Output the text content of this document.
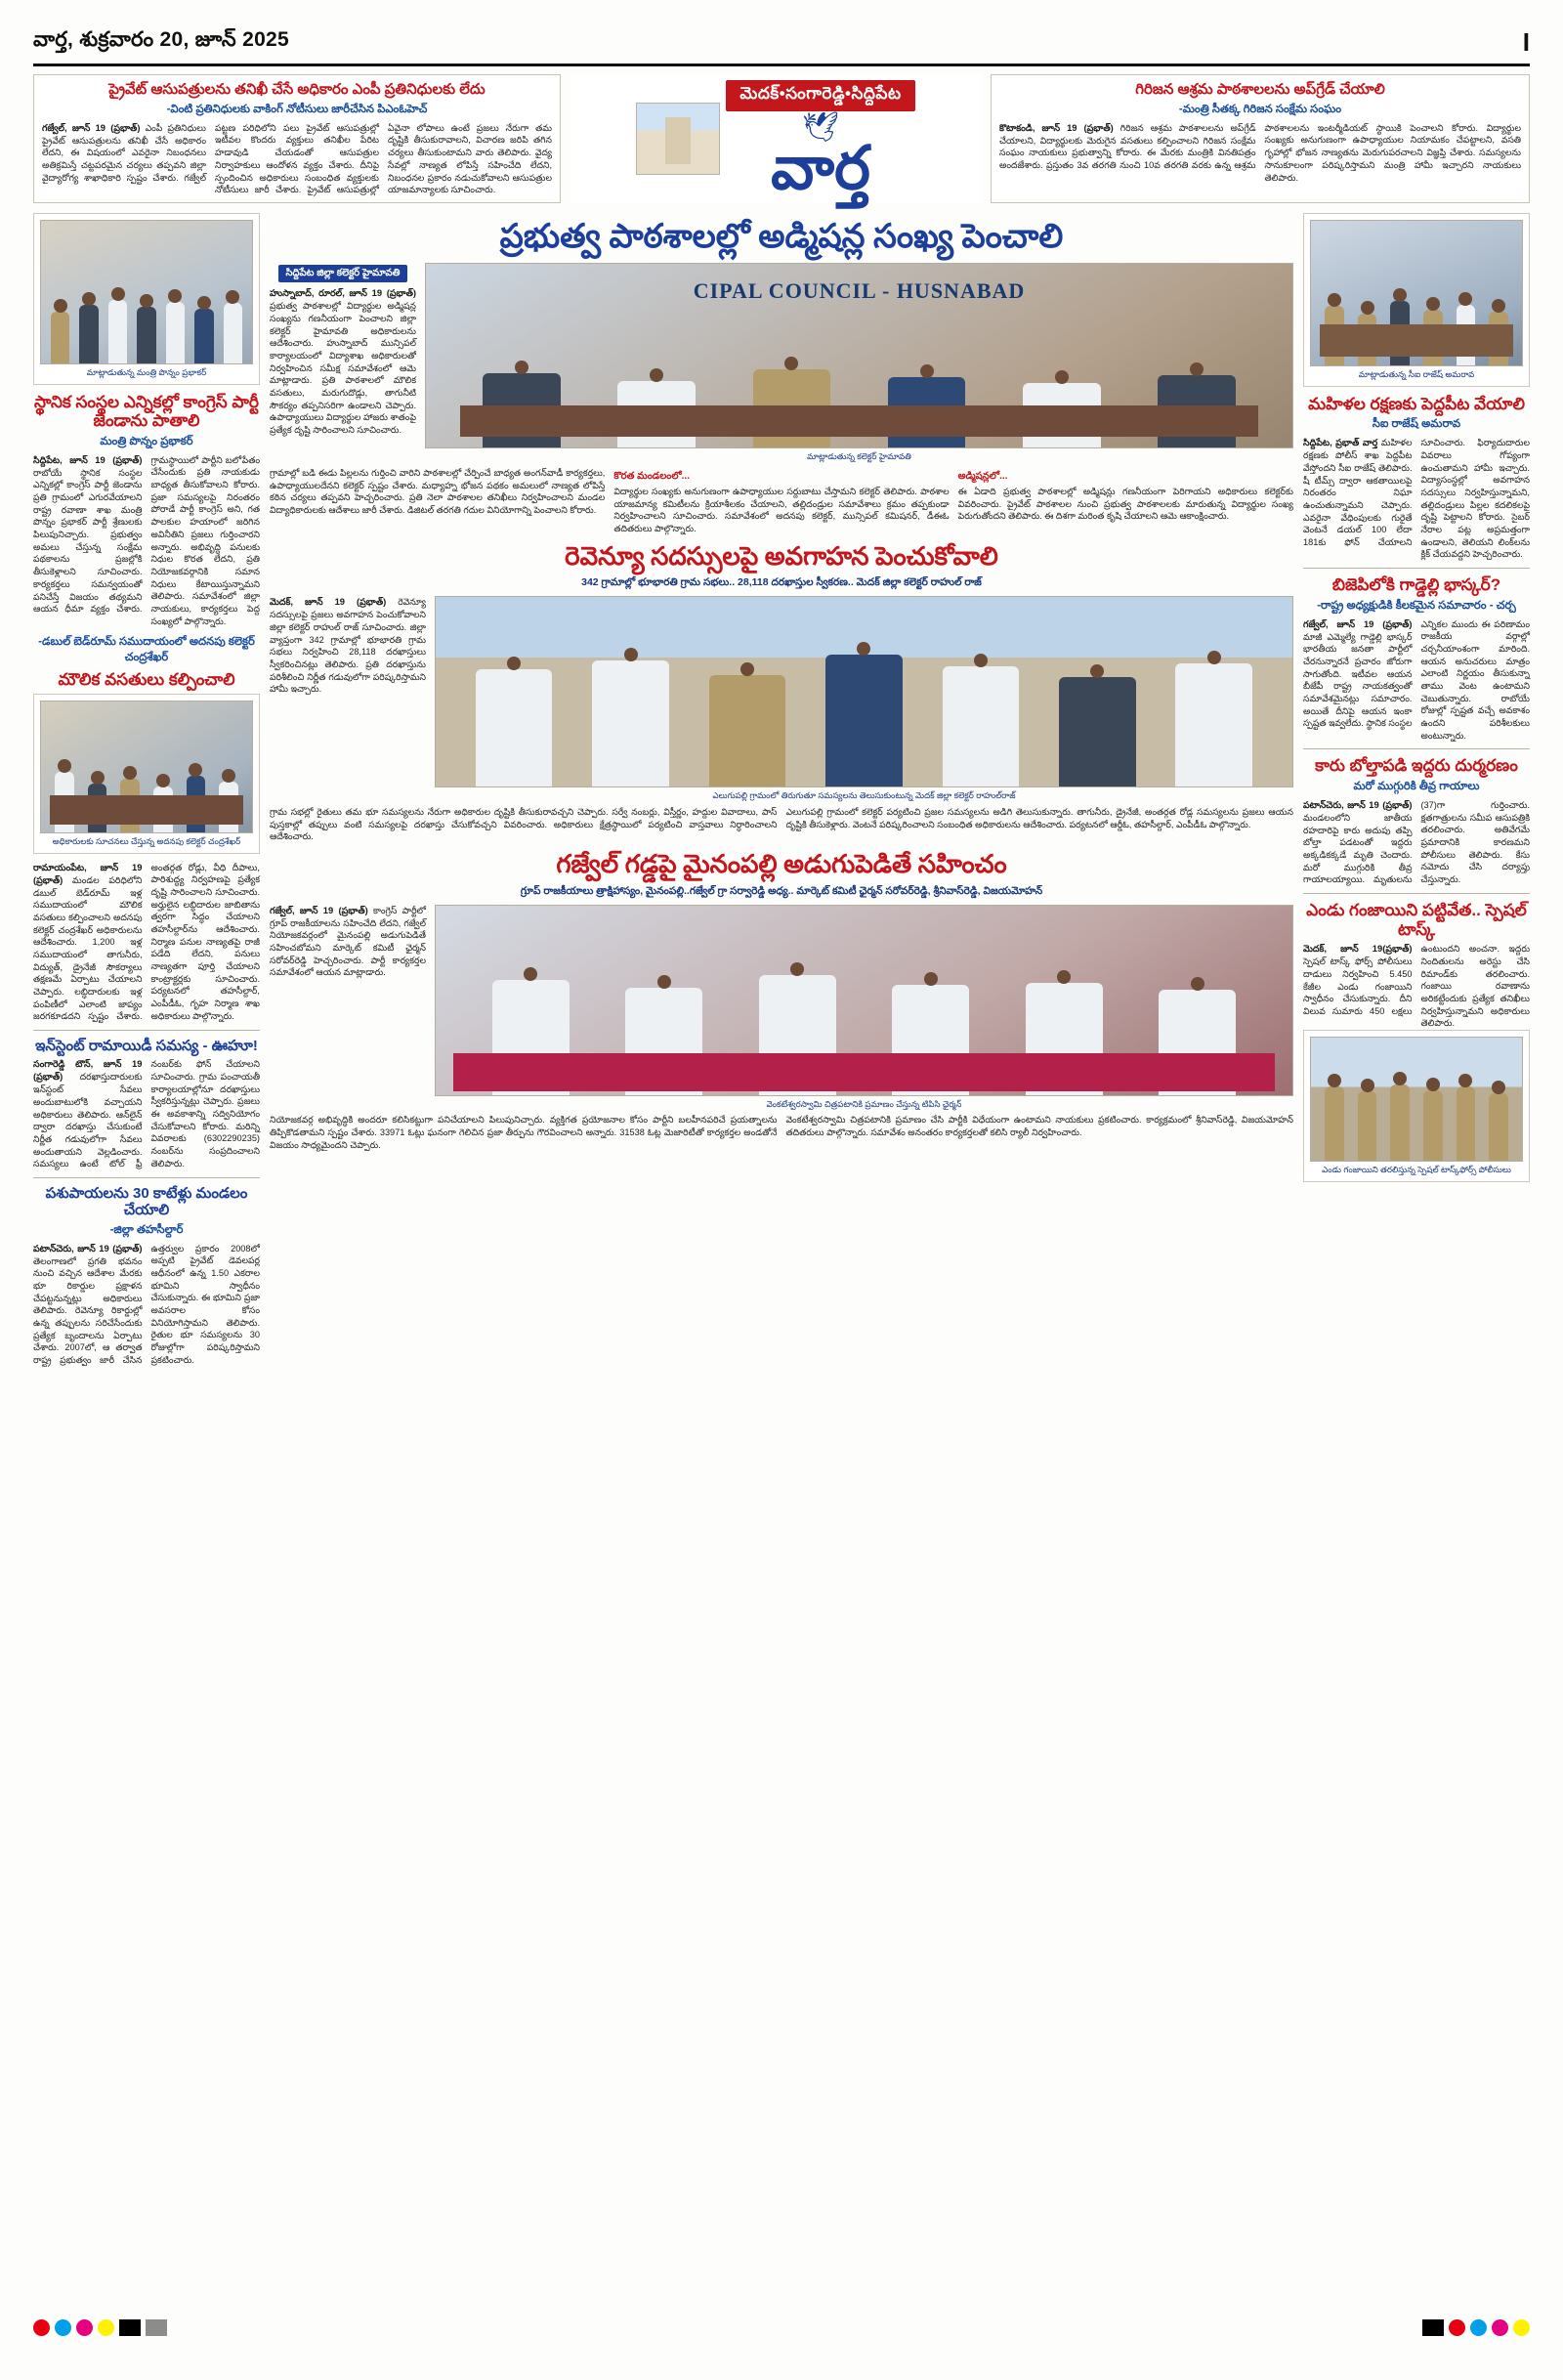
వార్త, శుక్రవారం 20, జూన్ 2025	I
ప్రైవేట్ ఆసుపత్రులను తనిఖీ చేసే అధికారం ఎంపీ ప్రతినిధులకు లేదు
-వింటి ప్రతినిధులకు వాకింగ్ నోటీసులు జారీచేసిన పిఎంఓహెచ్
గజ్వేల్, జూన్ 19 (ప్రభాత్) ఎంపీ ప్రతినిధులు ప్రైవేట్ ఆసుపత్రులను తనిఖీ చేసే అధికారం లేదని, ఈ విషయంలో ఎవరైనా నిబంధనలు అతిక్రమిస్తే చట్టపరమైన చర్యలు తప్పవని జిల్లా వైద్యారోగ్య శాఖాధికారి స్పష్టం చేశారు. గజ్వేల్ పట్టణ పరిధిలోని పలు ప్రైవేట్ ఆసుపత్రుల్లో ఇటీవల కొందరు వ్యక్తులు తనిఖీల పేరిట హడావుడి చేయడంతో ఆసుపత్రుల నిర్వాహకులు ఆందోళన వ్యక్తం చేశారు. దీనిపై స్పందించిన అధికారులు సంబంధిత వ్యక్తులకు నోటీసులు జారీ చేశారు. ప్రైవేట్ ఆసుపత్రుల్లో ఏవైనా లోపాలు ఉంటే ప్రజలు నేరుగా తమ దృష్టికి తీసుకురావాలని, విచారణ జరిపి తగిన చర్యలు తీసుకుంటామని వారు తెలిపారు. వైద్య సేవల్లో నాణ్యత లోపిస్తే సహించేది లేదని, నిబంధనల ప్రకారం నడుచుకోవాలని ఆసుపత్రుల యాజమాన్యాలకు సూచించారు.
మెదక్•సంగారెడ్డి•సిద్దిపేట
🕊
వార్త
గిరిజన ఆశ్రమ పాఠశాలలను అప్‌గ్రేడ్ చేయాలి
-మంత్రి సీతక్క గిరిజన సంక్షేమ సంఘం
కొటాకండి, జూన్ 19 (ప్రభాత్) గిరిజన ఆశ్రమ పాఠశాలలను అప్‌గ్రేడ్ చేయాలని, విద్యార్థులకు మెరుగైన వసతులు కల్పించాలని గిరిజన సంక్షేమ సంఘం నాయకులు ప్రభుత్వాన్ని కోరారు. ఈ మేరకు మంత్రికి వినతిపత్రం అందజేశారు. ప్రస్తుతం 3వ తరగతి నుంచి 10వ తరగతి వరకు ఉన్న ఆశ్రమ పాఠశాలలను ఇంటర్మీడియట్ స్థాయికి పెంచాలని కోరారు. విద్యార్థుల సంఖ్యకు అనుగుణంగా ఉపాధ్యాయుల నియామకం చేపట్టాలని, వసతి గృహాల్లో భోజన నాణ్యతను మెరుగుపరచాలని విజ్ఞప్తి చేశారు. సమస్యలను సానుకూలంగా పరిష్కరిస్తామని మంత్రి హామీ ఇచ్చారని నాయకులు తెలిపారు.
మాట్లాడుతున్న మంత్రి పొన్నం ప్రభాకర్
స్థానిక సంస్థల ఎన్నికల్లో కాంగ్రెస్ పార్టీ జెండాను పాతాలి
మంత్రి పొన్నం ప్రభాకర్
సిద్దిపేట, జూన్ 19 (ప్రభాత్) రాబోయే స్థానిక సంస్థల ఎన్నికల్లో కాంగ్రెస్ పార్టీ జెండాను ప్రతి గ్రామంలో ఎగురవేయాలని రాష్ట్ర రవాణా శాఖ మంత్రి పొన్నం ప్రభాకర్ పార్టీ శ్రేణులకు పిలుపునిచ్చారు. ప్రభుత్వం అమలు చేస్తున్న సంక్షేమ పథకాలను ప్రజల్లోకి తీసుకెళ్లాలని సూచించారు. కార్యకర్తలు సమన్వయంతో పనిచేస్తే విజయం తథ్యమని ఆయన ధీమా వ్యక్తం చేశారు. గ్రామస్థాయిలో పార్టీని బలోపేతం చేసేందుకు ప్రతి నాయకుడు బాధ్యత తీసుకోవాలని కోరారు. ప్రజా సమస్యలపై నిరంతరం పోరాడే పార్టీ కాంగ్రెస్ అని, గత పాలకుల హయాంలో జరిగిన అవినీతిని ప్రజలు గుర్తించారని అన్నారు. అభివృద్ధి పనులకు నిధుల కొరత లేదని, ప్రతి నియోజకవర్గానికి సమాన నిధులు కేటాయిస్తున్నామని తెలిపారు. సమావేశంలో జిల్లా నాయకులు, కార్యకర్తలు పెద్ద సంఖ్యలో పాల్గొన్నారు.
-డబుల్ బెడ్‌రూమ్ సముదాయంలో అదనపు కలెక్టర్ చంద్రశేఖర్
మౌలిక వసతులు కల్పించాలి
అధికారులకు సూచనలు చేస్తున్న అదనపు కలెక్టర్ చంద్రశేఖర్
రామాయంపేట, జూన్ 19 (ప్రభాత్) మండల పరిధిలోని డబుల్ బెడ్‌రూమ్ ఇళ్ల సముదాయంలో మౌలిక వసతులు కల్పించాలని అదనపు కలెక్టర్ చంద్రశేఖర్ అధికారులను ఆదేశించారు. 1,200 ఇళ్ల సముదాయంలో తాగునీరు, విద్యుత్, డ్రైనేజీ సౌకర్యాలు తక్షణమే ఏర్పాటు చేయాలని చెప్పారు. లబ్ధిదారులకు ఇళ్ల పంపిణీలో ఎలాంటి జాప్యం జరగకూడదని స్పష్టం చేశారు. అంతర్గత రోడ్లు, వీధి దీపాలు, పారిశుద్ధ్య నిర్వహణపై ప్రత్యేక దృష్టి సారించాలని సూచించారు. అర్హులైన లబ్ధిదారుల జాబితాను త్వరగా సిద్ధం చేయాలని తహసీల్దార్‌ను ఆదేశించారు. నిర్మాణ పనుల నాణ్యతపై రాజీ పడేది లేదని, పనులు నాణ్యతగా పూర్తి చేయాలని కాంట్రాక్టర్లకు సూచించారు. పర్యటనలో తహసీల్దార్, ఎంపీడీఓ, గృహ నిర్మాణ శాఖ అధికారులు పాల్గొన్నారు.
ఇన్‌స్టెంట్ రామాయిడీ సమస్య - ఊహూ!
సంగారెడ్డి టౌన్, జూన్ 19 (ప్రభాత్) దరఖాస్తుదారులకు ఇన్‌స్టంట్ సేవలు అందుబాటులోకి వచ్చాయని అధికారులు తెలిపారు. ఆన్‌లైన్ ద్వారా దరఖాస్తు చేసుకుంటే నిర్ణీత గడువులోగా సేవలు అందుతాయని వెల్లడించారు. సమస్యలు ఉంటే టోల్ ఫ్రీ నంబర్‌కు ఫోన్ చేయాలని సూచించారు. గ్రామ పంచాయతీ కార్యాలయాల్లోనూ దరఖాస్తులు స్వీకరిస్తున్నట్లు చెప్పారు. ప్రజలు ఈ అవకాశాన్ని సద్వినియోగం చేసుకోవాలని కోరారు. మరిన్ని వివరాలకు (6302290235) నంబర్‌ను సంప్రదించాలని తెలిపారు.
పశుపాయలను 30 కాటేళ్లు మండలం చేయాలి
-జిల్లా తహసీల్దార్
పటాన్‌చెరు, జూన్ 19 (ప్రభాత్) తెలంగాణలో ప్రగతి భవనం నుంచి వచ్చిన ఆదేశాల మేరకు భూ రికార్డుల ప్రక్షాళన చేపట్టనున్నట్లు అధికారులు తెలిపారు. రెవెన్యూ రికార్డుల్లో ఉన్న తప్పులను సరిచేసేందుకు ప్రత్యేక బృందాలను ఏర్పాటు చేశారు. 2007లో, ఆ తర్వాత రాష్ట్ర ప్రభుత్వం జారీ చేసిన ఉత్తర్వుల ప్రకారం 2008లో అప్పటి ప్రైవేట్ డెవలపర్ల ఆధీనంలో ఉన్న 1.50 ఎకరాల భూమిని స్వాధీనం చేసుకున్నారు. ఈ భూమిని ప్రజా అవసరాల కోసం వినియోగిస్తామని తెలిపారు. రైతుల భూ సమస్యలను 30 రోజుల్లోగా పరిష్కరిస్తామని ప్రకటించారు.
ప్రభుత్వ పాఠశాలల్లో అడ్మిషన్ల సంఖ్య పెంచాలి
సిద్దిపేట జిల్లా కలెక్టర్ హైమావతి
హుస్నాబాద్, రూరల్, జూన్ 19 (ప్రభాత్) ప్రభుత్వ పాఠశాలల్లో విద్యార్థుల అడ్మిషన్ల సంఖ్యను గణనీయంగా పెంచాలని జిల్లా కలెక్టర్ హైమావతి అధికారులను ఆదేశించారు. హుస్నాబాద్ మున్సిపల్ కార్యాలయంలో విద్యాశాఖ అధికారులతో నిర్వహించిన సమీక్ష సమావేశంలో ఆమె మాట్లాడారు. ప్రతి పాఠశాలలో మౌలిక వసతులు, మరుగుదొడ్లు, తాగునీటి సౌకర్యం తప్పనిసరిగా ఉండాలని చెప్పారు. ఉపాధ్యాయులు విద్యార్థుల హాజరు శాతంపై ప్రత్యేక దృష్టి సారించాలని సూచించారు.
CIPAL COUNCIL - HUSNABAD
మాట్లాడుతున్న కలెక్టర్ హైమావతి
గ్రామాల్లో బడి ఈడు పిల్లలను గుర్తించి వారిని పాఠశాలల్లో చేర్పించే బాధ్యత అంగన్‌వాడీ కార్యకర్తలు, ఉపాధ్యాయులదేనని కలెక్టర్ స్పష్టం చేశారు. మధ్యాహ్న భోజన పథకం అమలులో నాణ్యత లోపిస్తే కఠిన చర్యలు తప్పవని హెచ్చరించారు. ప్రతి నెలా పాఠశాలల తనిఖీలు నిర్వహించాలని మండల విద్యాధికారులకు ఆదేశాలు జారీ చేశారు. డిజిటల్ తరగతి గదుల వినియోగాన్ని పెంచాలని కోరారు.
కొరత మండలంలో...
విద్యార్థుల సంఖ్యకు అనుగుణంగా ఉపాధ్యాయుల సర్దుబాటు చేస్తామని కలెక్టర్ తెలిపారు. పాఠశాల యాజమాన్య కమిటీలను క్రియాశీలకం చేయాలని, తల్లిదండ్రుల సమావేశాలు క్రమం తప్పకుండా నిర్వహించాలని సూచించారు. సమావేశంలో అదనపు కలెక్టర్, మున్సిపల్ కమిషనర్, డీఈఓ తదితరులు పాల్గొన్నారు.
అడ్మిషన్లలో...
ఈ ఏడాది ప్రభుత్వ పాఠశాలల్లో అడ్మిషన్లు గణనీయంగా పెరిగాయని అధికారులు కలెక్టర్‌కు వివరించారు. ప్రైవేట్ పాఠశాలల నుంచి ప్రభుత్వ పాఠశాలలకు మారుతున్న విద్యార్థుల సంఖ్య పెరుగుతోందని తెలిపారు. ఈ దిశగా మరింత కృషి చేయాలని ఆమె ఆకాంక్షించారు.
రెవెన్యూ సదస్సులపై అవగాహన పెంచుకోవాలి
342 గ్రామాల్లో భూభారతి గ్రామ సభలు.. 28,118 దరఖాస్తుల స్వీకరణ.. మెదక్ జిల్లా కలెక్టర్ రాహుల్ రాజ్
మెదక్, జూన్ 19 (ప్రభాత్) రెవెన్యూ సదస్సులపై ప్రజలు అవగాహన పెంచుకోవాలని జిల్లా కలెక్టర్ రాహుల్ రాజ్ సూచించారు. జిల్లా వ్యాప్తంగా 342 గ్రామాల్లో భూభారతి గ్రామ సభలు నిర్వహించి 28,118 దరఖాస్తులు స్వీకరించినట్లు తెలిపారు. ప్రతి దరఖాస్తును పరిశీలించి నిర్ణీత గడువులోగా పరిష్కరిస్తామని హామీ ఇచ్చారు.
ఎలుగుపల్లి గ్రామంలో తిరుగుతూ సమస్యలను తెలుసుకుంటున్న మెదక్ జిల్లా కలెక్టర్ రాహుల్‌రాజ్
గ్రామ సభల్లో రైతులు తమ భూ సమస్యలను నేరుగా అధికారుల దృష్టికి తీసుకురావచ్చని చెప్పారు. సర్వే నంబర్లు, విస్తీర్ణం, హద్దుల వివాదాలు, పాస్ పుస్తకాల్లో తప్పులు వంటి సమస్యలపై దరఖాస్తు చేసుకోవచ్చని వివరించారు. అధికారులు క్షేత్రస్థాయిలో పర్యటించి వాస్తవాలు నిర్ధారించాలని ఆదేశించారు.
ఎలుగుపల్లి గ్రామంలో కలెక్టర్ పర్యటించి ప్రజల సమస్యలను అడిగి తెలుసుకున్నారు. తాగునీరు, డ్రైనేజీ, అంతర్గత రోడ్ల సమస్యలను ప్రజలు ఆయన దృష్టికి తీసుకెళ్లారు. వెంటనే పరిష్కరించాలని సంబంధిత అధికారులను ఆదేశించారు. పర్యటనలో ఆర్డీఓ, తహసీల్దార్, ఎంపీడీఓ పాల్గొన్నారు.
గజ్వేల్ గడ్డపై మైనంపల్లి అడుగుపెడితే సహించం
గ్రూప్ రాజకీయాలు త్రాక్షిహాస్యం, మైనంపల్లి..గజ్వేల్ గ్రా సర్వారెడ్డి అధ్య.. మార్కెట్ కమిటీ ఛైర్మన్ సరోవర్‌రెడ్డి, శ్రీనివాస్‌రెడ్డి, విజయమోహన్
గజ్వేల్, జూన్ 19 (ప్రభాత్) కాంగ్రెస్ పార్టీలో గ్రూప్ రాజకీయాలను సహించేది లేదని, గజ్వేల్ నియోజకవర్గంలో మైనంపల్లి అడుగుపెడితే సహించబోమని మార్కెట్ కమిటీ ఛైర్మన్ సరోవర్‌రెడ్డి హెచ్చరించారు. పార్టీ కార్యకర్తల సమావేశంలో ఆయన మాట్లాడారు.
వెంకటేశ్వరస్వామి చిత్రపటానికి ప్రమాణం చేస్తున్న టిపిసి ఛైర్మన్
నియోజకవర్గ అభివృద్ధికి అందరూ కలిసికట్టుగా పనిచేయాలని పిలుపునిచ్చారు. వ్యక్తిగత ప్రయోజనాల కోసం పార్టీని బలహీనపరిచే ప్రయత్నాలను తిప్పికొడతామని స్పష్టం చేశారు. 33971 ఓట్లు ఘనంగా గెలిచిన ప్రజా తీర్పును గౌరవించాలని అన్నారు. 31538 ఓట్ల మెజారిటీతో కార్యకర్తల అండతోనే విజయం సాధ్యమైందని చెప్పారు.
వెంకటేశ్వరస్వామి చిత్రపటానికి ప్రమాణం చేసి పార్టీకి విధేయంగా ఉంటామని నాయకులు ప్రకటించారు. కార్యక్రమంలో శ్రీనివాస్‌రెడ్డి, విజయమోహన్ తదితరులు పాల్గొన్నారు. సమావేశం అనంతరం కార్యకర్తలతో కలిసి ర్యాలీ నిర్వహించారు.
మాట్లాడుతున్న సీఐ రాజేష్ అమరావ
మహిళల రక్షణకు పెద్దపీట వేయాలి
సీఐ రాజేష్ అమరావ
సిద్దిపేట, ప్రభాత్ వార్త మహిళల రక్షణకు పోలీస్ శాఖ పెద్దపీట వేస్తోందని సీఐ రాజేష్ తెలిపారు. షీ టీమ్స్ ద్వారా ఆకతాయిలపై నిరంతరం నిఘా ఉంచుతున్నామని చెప్పారు. ఎవరైనా వేధింపులకు గురైతే వెంటనే డయల్ 100 లేదా 181కు ఫోన్ చేయాలని సూచించారు. ఫిర్యాదుదారుల వివరాలు గోప్యంగా ఉంచుతామని హామీ ఇచ్చారు. విద్యాసంస్థల్లో అవగాహన సదస్సులు నిర్వహిస్తున్నామని, తల్లిదండ్రులు పిల్లల కదలికలపై దృష్టి పెట్టాలని కోరారు. సైబర్ నేరాల పట్ల అప్రమత్తంగా ఉండాలని, తెలియని లింక్‌లను క్లిక్ చేయవద్దని హెచ్చరించారు.
బిజెపిలోకి గాడ్డెల్లి భాస్కర్?
-రాష్ట్ర అధ్యక్షుడికి కీలకమైన సమాచారం - చర్చ
గజ్వేల్, జూన్ 19 (ప్రభాత్) మాజీ ఎమ్మెల్యే గాడ్డెల్లి భాస్కర్ భారతీయ జనతా పార్టీలో చేరనున్నారనే ప్రచారం జోరుగా సాగుతోంది. ఇటీవల ఆయన బీజేపీ రాష్ట్ర నాయకత్వంతో సమావేశమైనట్లు సమాచారం. అయితే దీనిపై ఆయన ఇంకా స్పష్టత ఇవ్వలేదు. స్థానిక సంస్థల ఎన్నికల ముందు ఈ పరిణామం రాజకీయ వర్గాల్లో చర్చనీయాంశంగా మారింది. ఆయన అనుచరులు మాత్రం ఎలాంటి నిర్ణయం తీసుకున్నా తాము వెంట ఉంటామని చెబుతున్నారు. రాబోయే రోజుల్లో స్పష్టత వచ్చే అవకాశం ఉందని పరిశీలకులు అంటున్నారు.
కారు బోల్తాపడి ఇద్దరు దుర్మరణం
మరో ముగ్గురికి తీవ్ర గాయాలు
పటాన్‌చెరు, జూన్ 19 (ప్రభాత్) మండలంలోని జాతీయ రహదారిపై కారు అదుపు తప్పి బోల్తా పడటంతో ఇద్దరు అక్కడికక్కడే మృతి చెందారు. మరో ముగ్గురికి తీవ్ర గాయాలయ్యాయి. మృతులను (37)గా గుర్తించారు. క్షతగాత్రులను సమీప ఆసుపత్రికి తరలించారు. అతివేగమే ప్రమాదానికి కారణమని పోలీసులు తెలిపారు. కేసు నమోదు చేసి దర్యాప్తు చేస్తున్నారు.
ఎండు గంజాయిని పట్టివేత.. స్పెషల్ టాస్క్
మెదక్, జూన్ 19(ప్రభాత్) స్పెషల్ టాస్క్ ఫోర్స్ పోలీసులు దాడులు నిర్వహించి 5.450 కేజీల ఎండు గంజాయిని స్వాధీనం చేసుకున్నారు. దీని విలువ సుమారు 450 లక్షలు ఉంటుందని అంచనా. ఇద్దరు నిందితులను అరెస్టు చేసి రిమాండ్‌కు తరలించారు. గంజాయి రవాణాను అరికట్టేందుకు ప్రత్యేక తనిఖీలు నిర్వహిస్తున్నామని అధికారులు తెలిపారు.
ఎండు గంజాయిని తరలిస్తున్న స్పెషల్ టాస్క్‌ఫోర్స్ పోలీసులు
